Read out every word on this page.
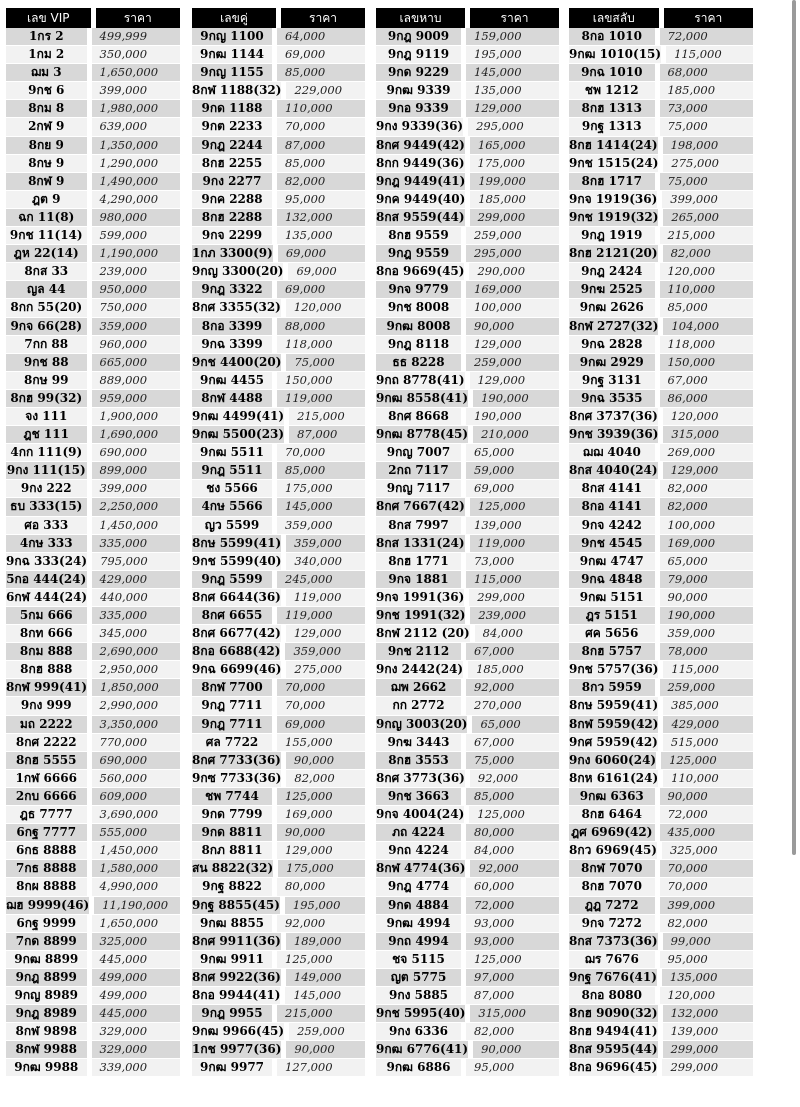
เลข VIP	ราคา
1กร 2	499,999
1กม 2	350,000
ฌม 3	1,650,000
9กช 6	399,000
8กม 8	1,980,000
2กฬ 9	639,000
8กย 9	1,350,000
8กษ 9	1,290,000
8กฬ 9	1,490,000
ฎต 9	4,290,000
ฉก 11(8)	980,000
9กช 11(14)	599,000
ฎห 22(14)	1,190,000
8กส 33	239,000
ญล 44	950,000
8กก 55(20)	750,000
9กจ 66(28)	359,000
7กก 88	960,000
9กช 88	665,000
8กษ 99	889,000
8กฮ 99(32)	959,000
จง 111	1,900,000
ฎช 111	1,690,000
4กก 111(9)	690,000
9กง 111(15)	899,000
9กง 222	399,000
ธบ 333(15)	2,250,000
ศอ 333	1,450,000
4กษ 333	335,000
9กฉ 333(24)	795,000
5กอ 444(24)	429,000
6กฬ 444(24)	440,000
5กม 666	335,000
8กท 666	345,000
8กม 888	2,690,000
8กฮ 888	2,950,000
8กฬ 999(41)	1,850,000
9กง 999	2,990,000
มถ 2222	3,350,000
8กศ 2222	770,000
8กฮ 5555	690,000
1กฬ 6666	560,000
2กบ 6666	609,000
ฎธ 7777	3,690,000
6กฐ 7777	555,000
6กธ 8888	1,450,000
7กธ 8888	1,580,000
8กผ 8888	4,990,000
ฌฮ 9999(46)	11,190,000
6กฐ 9999	1,650,000
7กด 8899	325,000
9กฒ 8899	445,000
9กฎ 8899	499,000
9กญ 8989	499,000
9กฎ 8989	445,000
8กฬ 9898	329,000
8กฬ 9988	329,000
9กฒ 9988	339,000
เลขคู่	ราคา
9กญ 1100	64,000
9กฒ 1144	69,000
9กญ 1155	85,000
8กฬ 1188(32)	229,000
9กด 1188	110,000
9กต 2233	70,000
9กฎ 2244	87,000
8กฮ 2255	85,000
9กง 2277	82,000
9กค 2288	95,000
8กฮ 2288	132,000
9กจ 2299	135,000
1กภ 3300(9)	69,000
9กญ 3300(20)	69,000
9กฎ 3322	69,000
8กศ 3355(32)	120,000
8กอ 3399	88,000
9กฉ 3399	118,000
9กช 4400(20)	75,000
9กฒ 4455	150,000
8กฬ 4488	119,000
9กฒ 4499(41)	215,000
9กฒ 5500(23)	87,000
9กฒ 5511	70,000
9กฎ 5511	85,000
ชง 5566	175,000
4กษ 5566	145,000
ญว 5599	359,000
8กษ 5599(41)	359,000
9กช 5599(40)	340,000
9กฎ 5599	245,000
8กศ 6644(36)	119,000
8กศ 6655	119,000
8กศ 6677(42)	129,000
8กอ 6688(42)	359,000
9กฉ 6699(46)	275,000
8กฬ 7700	70,000
9กฎ 7711	70,000
9กฎ 7711	69,000
ศล 7722	155,000
8กศ 7733(36)	90,000
9กซ 7733(36)	82,000
ชพ 7744	125,000
9กด 7799	169,000
9กด 8811	90,000
8กภ 8811	129,000
สน 8822(32)	175,000
9กฐ 8822	80,000
9กฐ 8855(45)	195,000
9กฒ 8855	92,000
8กศ 9911(36)	189,000
9กฒ 9911	125,000
8กศ 9922(36)	149,000
8กอ 9944(41)	145,000
9กฎ 9955	215,000
9กฒ 9966(45)	259,000
1กช 9977(36)	90,000
9กฒ 9977	127,000
เลขหาบ	ราคา
9กฎ 9009	159,000
9กฎ 9119	195,000
9กด 9229	145,000
9กฒ 9339	135,000
9กอ 9339	129,000
9กง 9339(36)	295,000
8กศ 9449(42)	165,000
8กก 9449(36)	175,000
9กฎ 9449(41)	199,000
9กค 9449(40)	185,000
8กส 9559(44)	299,000
8กฮ 9559	259,000
9กฎ 9559	295,000
8กอ 9669(45)	290,000
9กจ 9779	169,000
9กช 8008	100,000
9กฒ 8008	90,000
9กฎ 8118	129,000
ธธ 8228	259,000
9กถ 8778(41)	129,000
9กฒ 8558(41)	190,000
8กศ 8668	190,000
9กฒ 8778(45)	210,000
9กญ 7007	65,000
2กถ 7117	59,000
9กญ 7117	69,000
8กศ 7667(42)	125,000
8กส 7997	139,000
8กส 1331(24)	119,000
8กฮ 1771	73,000
9กจ 1881	115,000
9กจ 1991(36)	299,000
9กช 1991(32)	239,000
8กฬ 2112 (20)	84,000
9กช 2112	67,000
9กง 2442(24)	185,000
ฌพ 2662	92,000
กก 2772	270,000
9กญ 3003(20)	65,000
9กฆ 3443	67,000
8กฮ 3553	75,000
8กศ 3773(36)	92,000
9กช 3663	85,000
9กจ 4004(24)	125,000
ภถ 4224	80,000
9กถ 4224	84,000
8กฬ 4774(36)	92,000
9กฎ 4774	60,000
9กด 4884	72,000
9กฒ 4994	93,000
9กถ 4994	93,000
ชจ 5115	125,000
ญต 5775	97,000
9กง 5885	87,000
9กช 5995(40)	315,000
9กง 6336	82,000
9กฒ 6776(41)	90,000
9กฒ 6886	95,000
เลขสลับ	ราคา
8กอ 1010	72,000
9กฒ 1010(15)	115,000
9กฉ 1010	68,000
ชพ 1212	185,000
8กฮ 1313	73,000
9กฐ 1313	75,000
8กฮ 1414(24)	198,000
9กช 1515(24)	275,000
8กฮ 1717	75,000
9กจ 1919(36)	399,000
9กช 1919(32)	265,000
9กฎ 1919	215,000
8กฮ 2121(20)	82,000
9กฎ 2424	120,000
9กฆ 2525	110,000
9กฒ 2626	85,000
8กฬ 2727(32)	104,000
9กฉ 2828	118,000
9กฒ 2929	150,000
9กฐ 3131	67,000
9กฉ 3535	86,000
8กศ 3737(36)	120,000
9กช 3939(36)	315,000
ฌฌ 4040	269,000
8กส 4040(24)	129,000
8กส 4141	82,000
8กอ 4141	82,000
9กจ 4242	100,000
9กช 4545	169,000
9กฒ 4747	65,000
9กฉ 4848	79,000
9กฒ 5151	90,000
ฎร 5151	190,000
ศค 5656	359,000
8กฮ 5757	78,000
9กช 5757(36)	115,000
8กว 5959	259,000
8กษ 5959(41)	385,000
8กฬ 5959(42)	429,000
9กศ 5959(42)	515,000
9กง 6060(24)	125,000
8กห 6161(24)	110,000
9กฒ 6363	90,000
8กฮ 6464	72,000
ฎศ 6969(42)	435,000
8กว 6969(45)	325,000
8กฬ 7070	70,000
8กฮ 7070	70,000
ฎฎ 7272	399,000
9กจ 7272	82,000
8กส 7373(36)	99,000
ฌร 7676	95,000
9กฐ 7676(41)	135,000
8กอ 8080	120,000
8กฮ 9090(32)	132,000
8กฮ 9494(41)	139,000
8กส 9595(44)	299,000
8กอ 9696(45)	299,000
